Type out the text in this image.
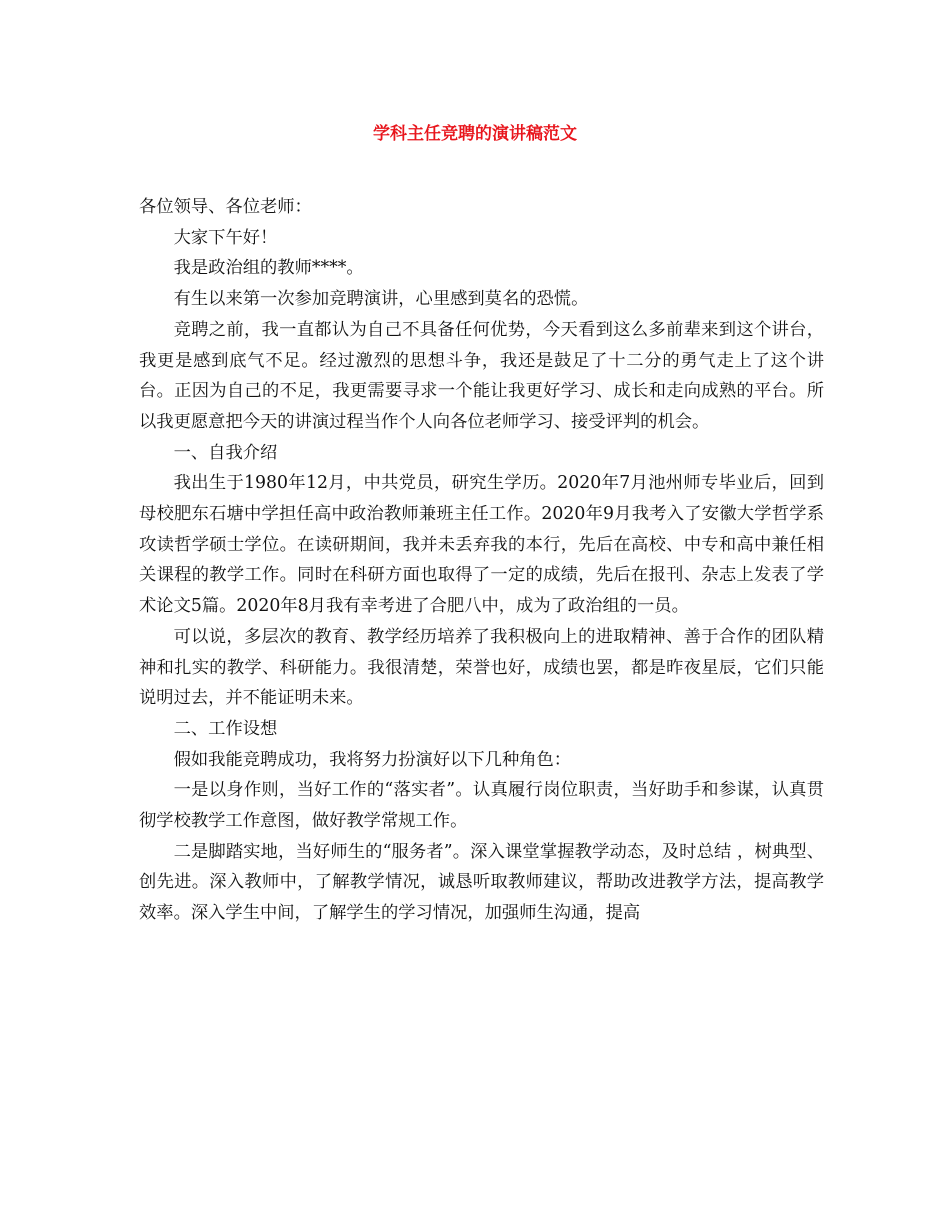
学科主任竞聘的演讲稿范文

各位领导、各位老师：

大家下午好！

我是政治组的教师****。

有生以来第一次参加竞聘演讲，心里感到莫名的恐慌。

竞聘之前，我一直都认为自己不具备任何优势，今天看到这么多前辈来到这个讲台，我更是感到底气不足。经过激烈的思想斗争，我还是鼓足了十二分的勇气走上了这个讲台。正因为自己的不足，我更需要寻求一个能让我更好学习、成长和走向成熟的平台。所以我更愿意把今天的讲演过程当作个人向各位老师学习、接受评判的机会。

一、自我介绍

我出生于1980年12月，中共党员，研究生学历。2020年7月池州师专毕业后，回到母校肥东石塘中学担任高中政治教师兼班主任工作。2020年9月我考入了安徽大学哲学系攻读哲学硕士学位。在读研期间，我并未丢弃我的本行，先后在高校、中专和高中兼任相关课程的教学工作。同时在科研方面也取得了一定的成绩，先后在报刊、杂志上发表了学术论文5篇。2020年8月我有幸考进了合肥八中，成为了政治组的一员。

可以说，多层次的教育、教学经历培养了我积极向上的进取精神、善于合作的团队精神和扎实的教学、科研能力。我很清楚，荣誉也好，成绩也罢，都是昨夜星辰，它们只能说明过去，并不能证明未来。

二、工作设想

假如我能竞聘成功，我将努力扮演好以下几种角色：

一是以身作则，当好工作的“落实者”。认真履行岗位职责，当好助手和参谋，认真贯彻学校教学工作意图，做好教学常规工作。

二是脚踏实地，当好师生的“服务者”。深入课堂掌握教学动态，及时总结 ，树典型、创先进。深入教师中，了解教学情况，诚恳听取教师建议，帮助改进教学方法，提高教学效率。深入学生中间，了解学生的学习情况，加强师生沟通，提高
